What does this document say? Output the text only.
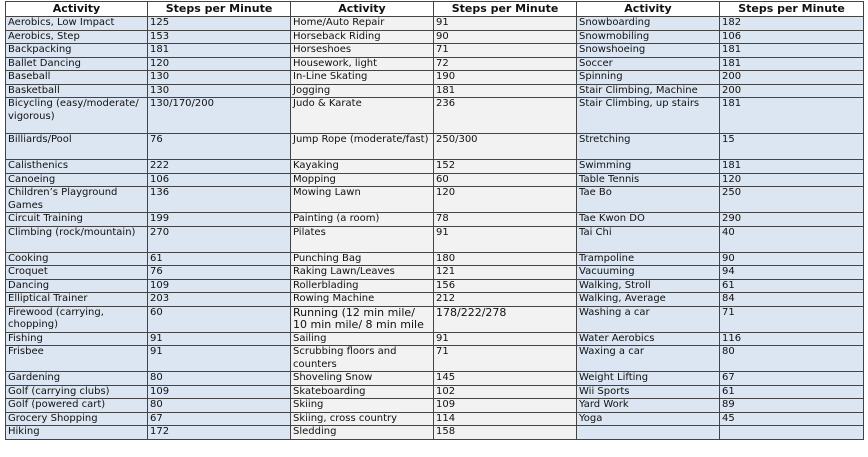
Activity	Steps per Minute	Activity	Steps per Minute	Activity	Steps per Minute
Aerobics, Low Impact	125	Home/Auto Repair	91	Snowboarding	182
Aerobics, Step	153	Horseback Riding	90	Snowmobiling	106
Backpacking	181	Horseshoes	71	Snowshoeing	181
Ballet Dancing	120	Housework, light	72	Soccer	181
Baseball	130	In-Line Skating	190	Spinning	200
Basketball	130	Jogging	181	Stair Climbing, Machine	200
Bicycling (easy/moderate/ vigorous)	130/170/200	Judo & Karate	236	Stair Climbing, up stairs	181
Billiards/Pool	76	Jump Rope (moderate/fast)	250/300	Stretching	15
Calisthenics	222	Kayaking	152	Swimming	181
Canoeing	106	Mopping	60	Table Tennis	120
Children’s Playground Games	136	Mowing Lawn	120	Tae Bo	250
Circuit Training	199	Painting (a room)	78	Tae Kwon DO	290
Climbing (rock/mountain)	270	Pilates	91	Tai Chi	40
Cooking	61	Punching Bag	180	Trampoline	90
Croquet	76	Raking Lawn/Leaves	121	Vacuuming	94
Dancing	109	Rollerblading	156	Walking, Stroll	61
Elliptical Trainer	203	Rowing Machine	212	Walking, Average	84
Firewood (carrying, chopping)	60	Running (12 min mile/ 10 min mile/ 8 min mile	178/222/278	Washing a car	71
Fishing	91	Sailing	91	Water Aerobics	116
Frisbee	91	Scrubbing floors and counters	71	Waxing a car	80
Gardening	80	Shoveling Snow	145	Weight Lifting	67
Golf (carrying clubs)	109	Skateboarding	102	Wii Sports	61
Golf (powered cart)	80	Skiing	109	Yard Work	89
Grocery Shopping	67	Skiing, cross country	114	Yoga	45
Hiking	172	Sledding	158		
